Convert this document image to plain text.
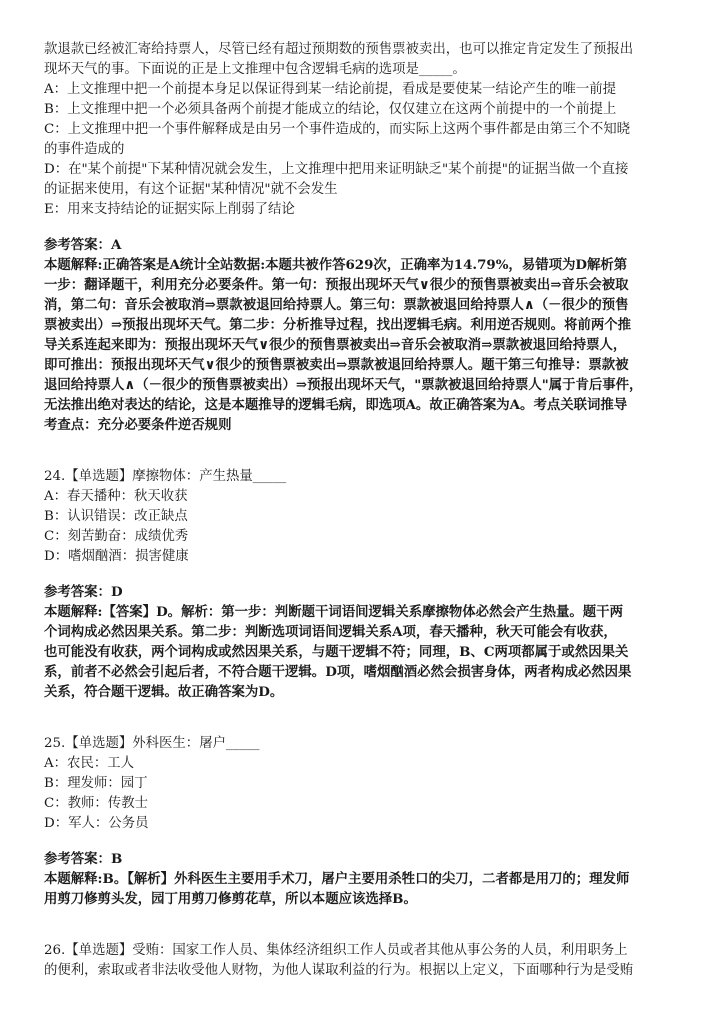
款退款已经被汇寄给持票人，尽管已经有超过预期数的预售票被卖出，也可以推定肯定发生了预报出
现坏天气的事。下面说的正是上文推理中包含逻辑毛病的选项是_____。
A：上文推理中把一个前提本身足以保证得到某一结论前提，看成是要使某一结论产生的唯一前提
B：上文推理中把一个必须具备两个前提才能成立的结论，仅仅建立在这两个前提中的一个前提上
C：上文推理中把一个事件解释成是由另一个事件造成的，而实际上这两个事件都是由第三个不知晓
的事件造成的
D：在"某个前提"下某种情况就会发生，上文推理中把用来证明缺乏"某个前提"的证据当做一个直接
的证据来使用，有这个证据"某种情况"就不会发生
E：用来支持结论的证据实际上削弱了结论
参考答案：A
本题解释:正确答案是A统计全站数据:本题共被作答629次，正确率为14.79%，易错项为D解析第
一步：翻译题干，利用充分必要条件。第一句：预报出现坏天气∨很少的预售票被卖出⇒音乐会被取
消，第二句：音乐会被取消⇒票款被退回给持票人。第三句：票款被退回给持票人∧（－很少的预售
票被卖出）⇒预报出现坏天气。第二步：分析推导过程，找出逻辑毛病。利用逆否规则。将前两个推
导关系连起来即为：预报出现坏天气∨很少的预售票被卖出⇒音乐会被取消⇒票款被退回给持票人，
即可推出：预报出现坏天气∨很少的预售票被卖出⇒票款被退回给持票人。题干第三句推导：票款被
退回给持票人∧（－很少的预售票被卖出）⇒预报出现坏天气，"票款被退回给持票人"属于肯后事件，
无法推出绝对表达的结论，这是本题推导的逻辑毛病，即选项A。故正确答案为A。考点关联词推导
考查点：充分必要条件逆否规则
24.【单选题】摩擦物体：产生热量_____
A：春天播种：秋天收获
B：认识错误：改正缺点
C：刻苦勤奋：成绩优秀
D：嗜烟酗酒：损害健康
参考答案：D
本题解释:【答案】D。解析：第一步：判断题干词语间逻辑关系摩擦物体必然会产生热量。题干两
个词构成必然因果关系。第二步：判断选项词语间逻辑关系A项，春天播种，秋天可能会有收获，
也可能没有收获，两个词构成或然因果关系，与题干逻辑不符；同理，B、C两项都属于或然因果关
系，前者不必然会引起后者，不符合题干逻辑。D项，嗜烟酗酒必然会损害身体，两者构成必然因果
关系，符合题干逻辑。故正确答案为D。
25.【单选题】外科医生：屠户_____
A：农民：工人
B：理发师：园丁
C：教师：传教士
D：军人：公务员
参考答案：B
本题解释:B。【解析】外科医生主要用手术刀，屠户主要用杀牲口的尖刀，二者都是用刀的；理发师
用剪刀修剪头发，园丁用剪刀修剪花草，所以本题应该选择B。
26.【单选题】受贿：国家工作人员、集体经济组织工作人员或者其他从事公务的人员，利用职务上
的便利，索取或者非法收受他人财物，为他人谋取利益的行为。根据以上定义，下面哪种行为是受贿
